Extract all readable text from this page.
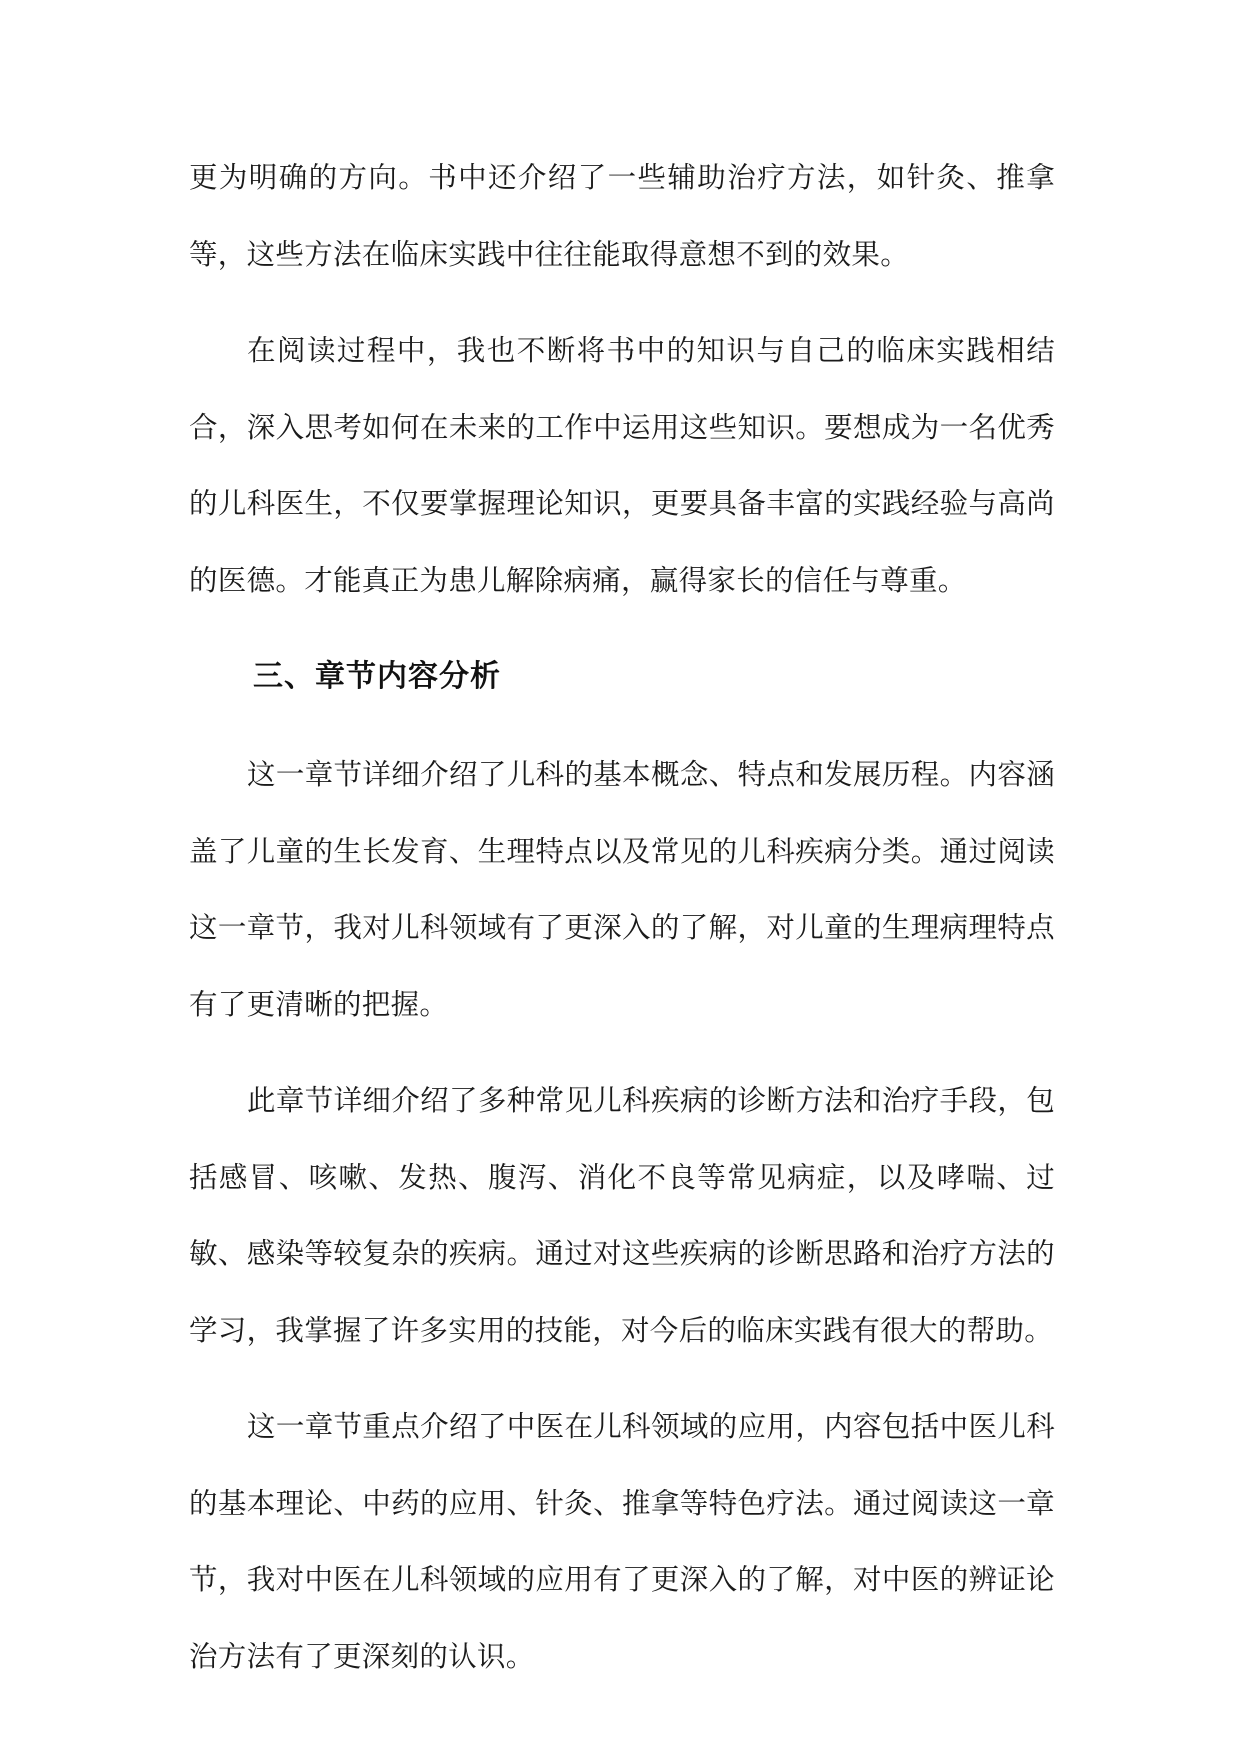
更为明确的方向。书中还介绍了一些辅助治疗方法，如针灸、推拿等，这些方法在临床实践中往往能取得意想不到的效果。

在阅读过程中，我也不断将书中的知识与自己的临床实践相结合，深入思考如何在未来的工作中运用这些知识。要想成为一名优秀的儿科医生，不仅要掌握理论知识，更要具备丰富的实践经验与高尚的医德。才能真正为患儿解除病痛，赢得家长的信任与尊重。

三、章节内容分析

这一章节详细介绍了儿科的基本概念、特点和发展历程。内容涵盖了儿童的生长发育、生理特点以及常见的儿科疾病分类。通过阅读这一章节，我对儿科领域有了更深入的了解，对儿童的生理病理特点有了更清晰的把握。

此章节详细介绍了多种常见儿科疾病的诊断方法和治疗手段，包括感冒、咳嗽、发热、腹泻、消化不良等常见病症，以及哮喘、过敏、感染等较复杂的疾病。通过对这些疾病的诊断思路和治疗方法的学习，我掌握了许多实用的技能，对今后的临床实践有很大的帮助。

这一章节重点介绍了中医在儿科领域的应用，内容包括中医儿科的基本理论、中药的应用、针灸、推拿等特色疗法。通过阅读这一章节，我对中医在儿科领域的应用有了更深入的了解，对中医的辨证论治方法有了更深刻的认识。
